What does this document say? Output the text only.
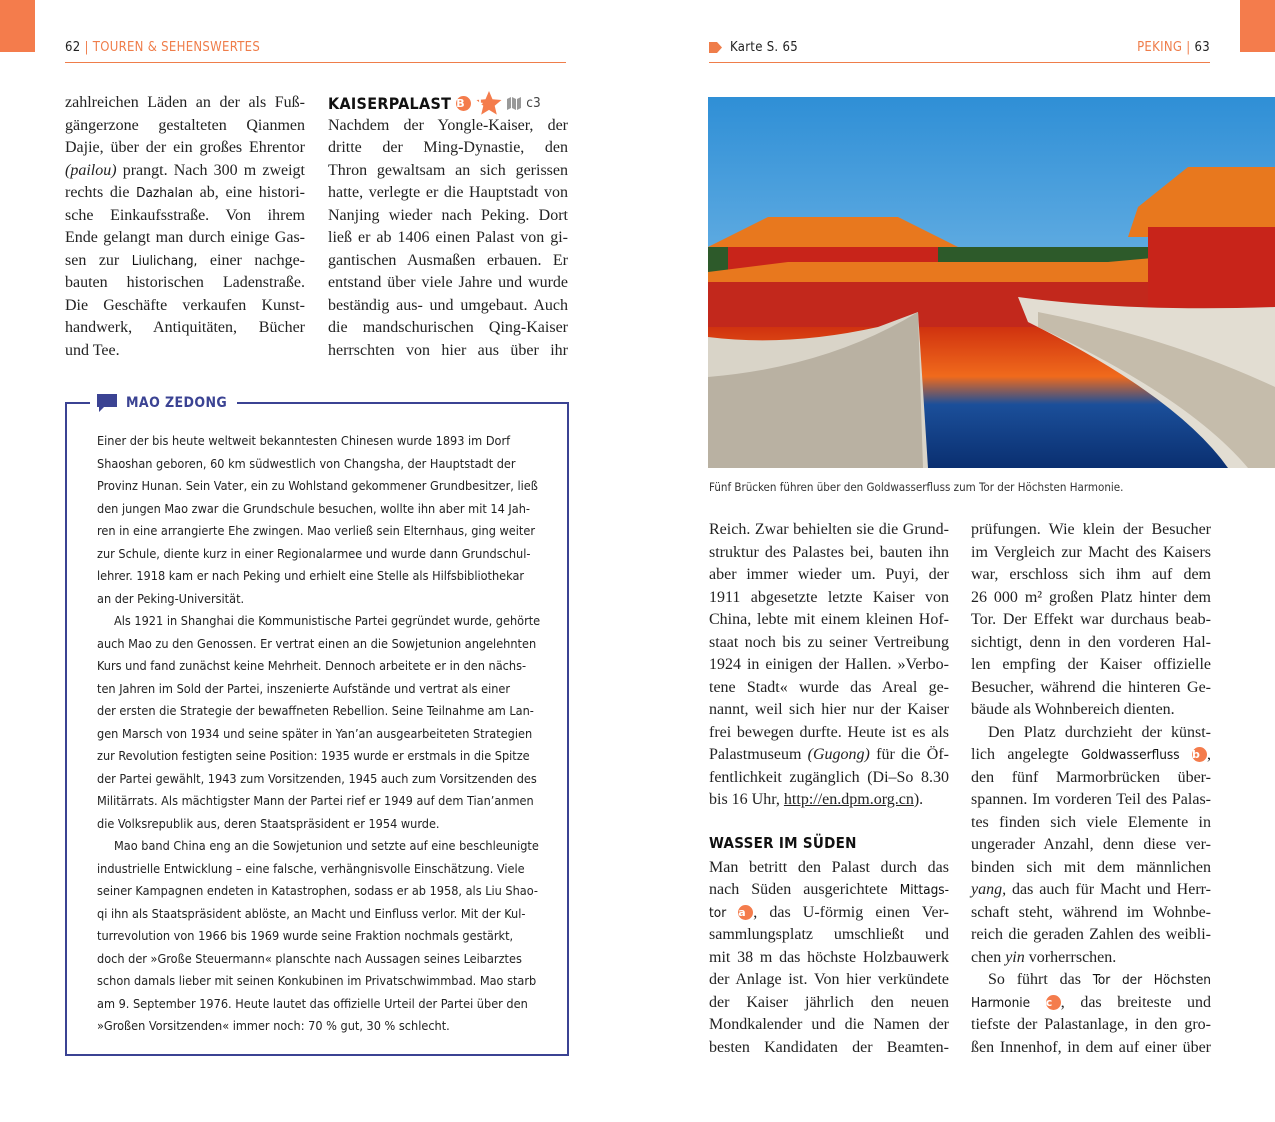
62 | TOUREN & SEHENSWERTES	Karte S. 65	PEKING | 63
zahlreichen Läden an der als Fuß-
gängerzone gestalteten Qianmen
Dajie, über der ein großes Ehrentor
(pailou) prangt. Nach 300 m zweigt
rechts die Dazhalan ab, eine histori-
sche Einkaufsstraße. Von ihrem
Ende gelangt man durch einige Gas-
sen zur Liulichang, einer nachge-
bauten historischen Ladenstraße.
Die Geschäfte verkaufen Kunst-
handwerk, Antiquitäten, Bücher
und Tee.
KAISERPALAST B	1	c3
Nachdem der Yongle-Kaiser, der
dritte der Ming-Dynastie, den
Thron gewaltsam an sich gerissen
hatte, verlegte er die Hauptstadt von
Nanjing wieder nach Peking. Dort
ließ er ab 1406 einen Palast von gi-
gantischen Ausmaßen erbauen. Er
entstand über viele Jahre und wurde
beständig aus- und umgebaut. Auch
die mandschurischen Qing-Kaiser
herrschten von hier aus über ihr
MAO ZEDONG
Einer der bis heute weltweit bekanntesten Chinesen wurde 1893 im Dorf
Shaoshan geboren, 60 km südwestlich von Changsha, der Hauptstadt der
Provinz Hunan. Sein Vater, ein zu Wohlstand gekommener Grundbesitzer, ließ
den jungen Mao zwar die Grundschule besuchen, wollte ihn aber mit 14 Jah-
ren in eine arrangierte Ehe zwingen. Mao verließ sein Elternhaus, ging weiter
zur Schule, diente kurz in einer Regionalarmee und wurde dann Grundschul-
lehrer. 1918 kam er nach Peking und erhielt eine Stelle als Hilfsbibliothekar
an der Peking-Universität.
Als 1921 in Shanghai die Kommunistische Partei gegründet wurde, gehörte
auch Mao zu den Genossen. Er vertrat einen an die Sowjetunion angelehnten
Kurs und fand zunächst keine Mehrheit. Dennoch arbeitete er in den nächs-
ten Jahren im Sold der Partei, inszenierte Aufstände und vertrat als einer
der ersten die Strategie der bewaffneten Rebellion. Seine Teilnahme am Lan-
gen Marsch von 1934 und seine später in Yan’an ausgearbeiteten Strategien
zur Revolution festigten seine Position: 1935 wurde er erstmals in die Spitze
der Partei gewählt, 1943 zum Vorsitzenden, 1945 auch zum Vorsitzenden des
Militärrats. Als mächtigster Mann der Partei rief er 1949 auf dem Tian’anmen
die Volksrepublik aus, deren Staatspräsident er 1954 wurde.
Mao band China eng an die Sowjetunion und setzte auf eine beschleunigte
industrielle Entwicklung – eine falsche, verhängnisvolle Einschätzung. Viele
seiner Kampagnen endeten in Katastrophen, sodass er ab 1958, als Liu Shao-
qi ihn als Staatspräsident ablöste, an Macht und Einfluss verlor. Mit der Kul-
turrevolution von 1966 bis 1969 wurde seine Fraktion nochmals gestärkt,
doch der »Große Steuermann« planschte nach Aussagen seines Leibarztes
schon damals lieber mit seinen Konkubinen im Privatschwimmbad. Mao starb
am 9. September 1976. Heute lautet das offizielle Urteil der Partei über den
»Großen Vorsitzenden« immer noch: 70 % gut, 30 % schlecht.
Fünf Brücken führen über den Goldwasserfluss zum Tor der Höchsten Harmonie.
Reich. Zwar behielten sie die Grund-
struktur des Palastes bei, bauten ihn
aber immer wieder um. Puyi, der
1911 abgesetzte letzte Kaiser von
China, lebte mit einem kleinen Hof-
staat noch bis zu seiner Vertreibung
1924 in einigen der Hallen. »Verbo-
tene Stadt« wurde das Areal ge-
nannt, weil sich hier nur der Kaiser
frei bewegen durfte. Heute ist es als
Palastmuseum (Gugong) für die Öf-
fentlichkeit zugänglich (Di–So 8.30
bis 16 Uhr, http://en.dpm.org.cn).
WASSER IM SÜDEN
Man betritt den Palast durch das
nach Süden ausgerichtete Mittags-
tor a , das U-förmig einen Ver-
sammlungsplatz umschließt und
mit 38 m das höchste Holzbauwerk
der Anlage ist. Von hier verkündete
der Kaiser jährlich den neuen
Mondkalender und die Namen der
besten Kandidaten der Beamten-
prüfungen. Wie klein der Besucher
im Vergleich zur Macht des Kaisers
war, erschloss sich ihm auf dem
26 000 m² großen Platz hinter dem
Tor. Der Effekt war durchaus beab-
sichtigt, denn in den vorderen Hal-
len empfing der Kaiser offizielle
Besucher, während die hinteren Ge-
bäude als Wohnbereich dienten.
Den Platz durchzieht der künst-
lich angelegte Goldwasserfluss b ,
den fünf Marmorbrücken über-
spannen. Im vorderen Teil des Palas-
tes finden sich viele Elemente in
ungerader Anzahl, denn diese ver-
binden sich mit dem männlichen
yang, das auch für Macht und Herr-
schaft steht, während im Wohnbe-
reich die geraden Zahlen des weibli-
chen yin vorherrschen.
So führt das Tor der Höchsten
Harmonie c , das breiteste und
tiefste der Palastanlage, in den gro-
ßen Innenhof, in dem auf einer über
